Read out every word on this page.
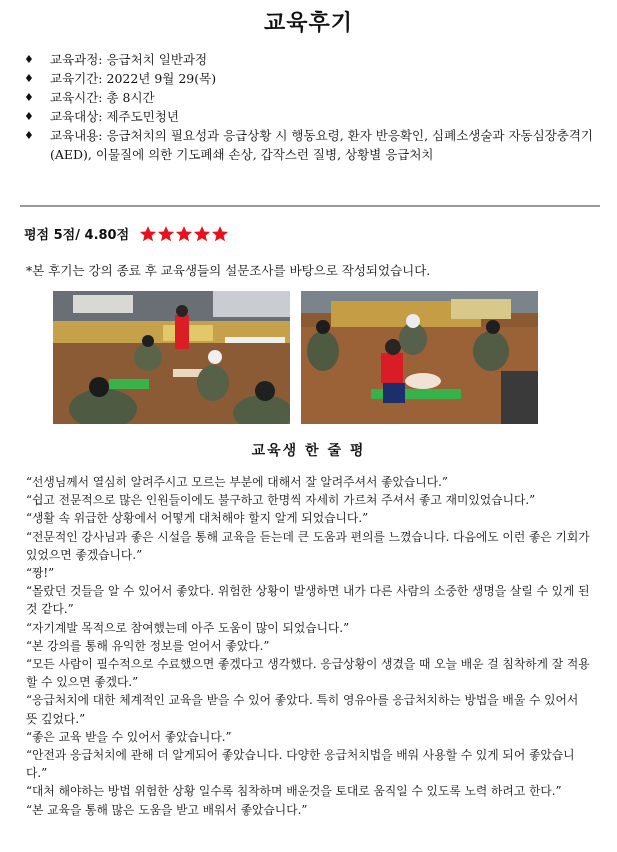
교육후기
♦ 교육과정: 응급처치 일반과정
♦ 교육기간: 2022년 9월 29(목)
♦ 교육시간: 총 8시간
♦ 교육대상: 제주도민청년
♦ 교육내용: 응급처치의 필요성과 응급상황 시 행동요령, 환자 반응확인, 심폐소생술과 자동심장충격기(AED), 이물질에 의한 기도폐쇄 손상, 갑작스런 질병, 상황별 응급처치
평점 5점/ 4.80점
*본 후기는 강의 종료 후 교육생들의 설문조사를 바탕으로 작성되었습니다.
교육생 한 줄 평
“선생님께서 열심히 알려주시고 모르는 부분에 대해서 잘 알려주셔서 좋았습니다.”
“쉽고 전문적으로 많은 인원들이에도 불구하고 한명씩 자세히 가르쳐 주셔서 좋고 재미있었습니다.”
“생활 속 위급한 상황에서 어떻게 대처해야 할지 알게 되었습니다.”
“전문적인 강사님과 좋은 시설을 통해 교육을 듣는데 큰 도움과 편의를 느꼈습니다. 다음에도 이런 좋은 기회가 있었으면 좋겠습니다.”
“짱!”
“몰랐던 것들을 알 수 있어서 좋았다. 위험한 상황이 발생하면 내가 다른 사람의 소중한 생명을 살릴 수 있게 된 것 같다.”
“자기계발 목적으로 참여했는데 아주 도움이 많이 되었습니다.”
“본 강의를 통해 유익한 정보를 얻어서 좋았다.”
“모든 사람이 필수적으로 수료했으면 좋겠다고 생각했다. 응급상황이 생겼을 때 오늘 배운 걸 침착하게 잘 적용할 수 있으면 좋겠다.”
“응급처치에 대한 체계적인 교육을 받을 수 있어 좋았다. 특히 영유아를 응급처치하는 방법을 배울 수 있어서 뜻 깊었다.”
“좋은 교육 받을 수 있어서 좋았습니다.”
“안전과 응급처치에 관해 더 알게되어 좋았습니다. 다양한 응급처치법을 배워 사용할 수 있게 되어 좋았습니다.”
“대처 해야하는 방법 위험한 상황 일수록 침착하며 배운것을 토대로 움직일 수 있도록 노력 하려고 한다.”
“본 교육을 통해 많은 도움을 받고 배워서 좋았습니다.”
